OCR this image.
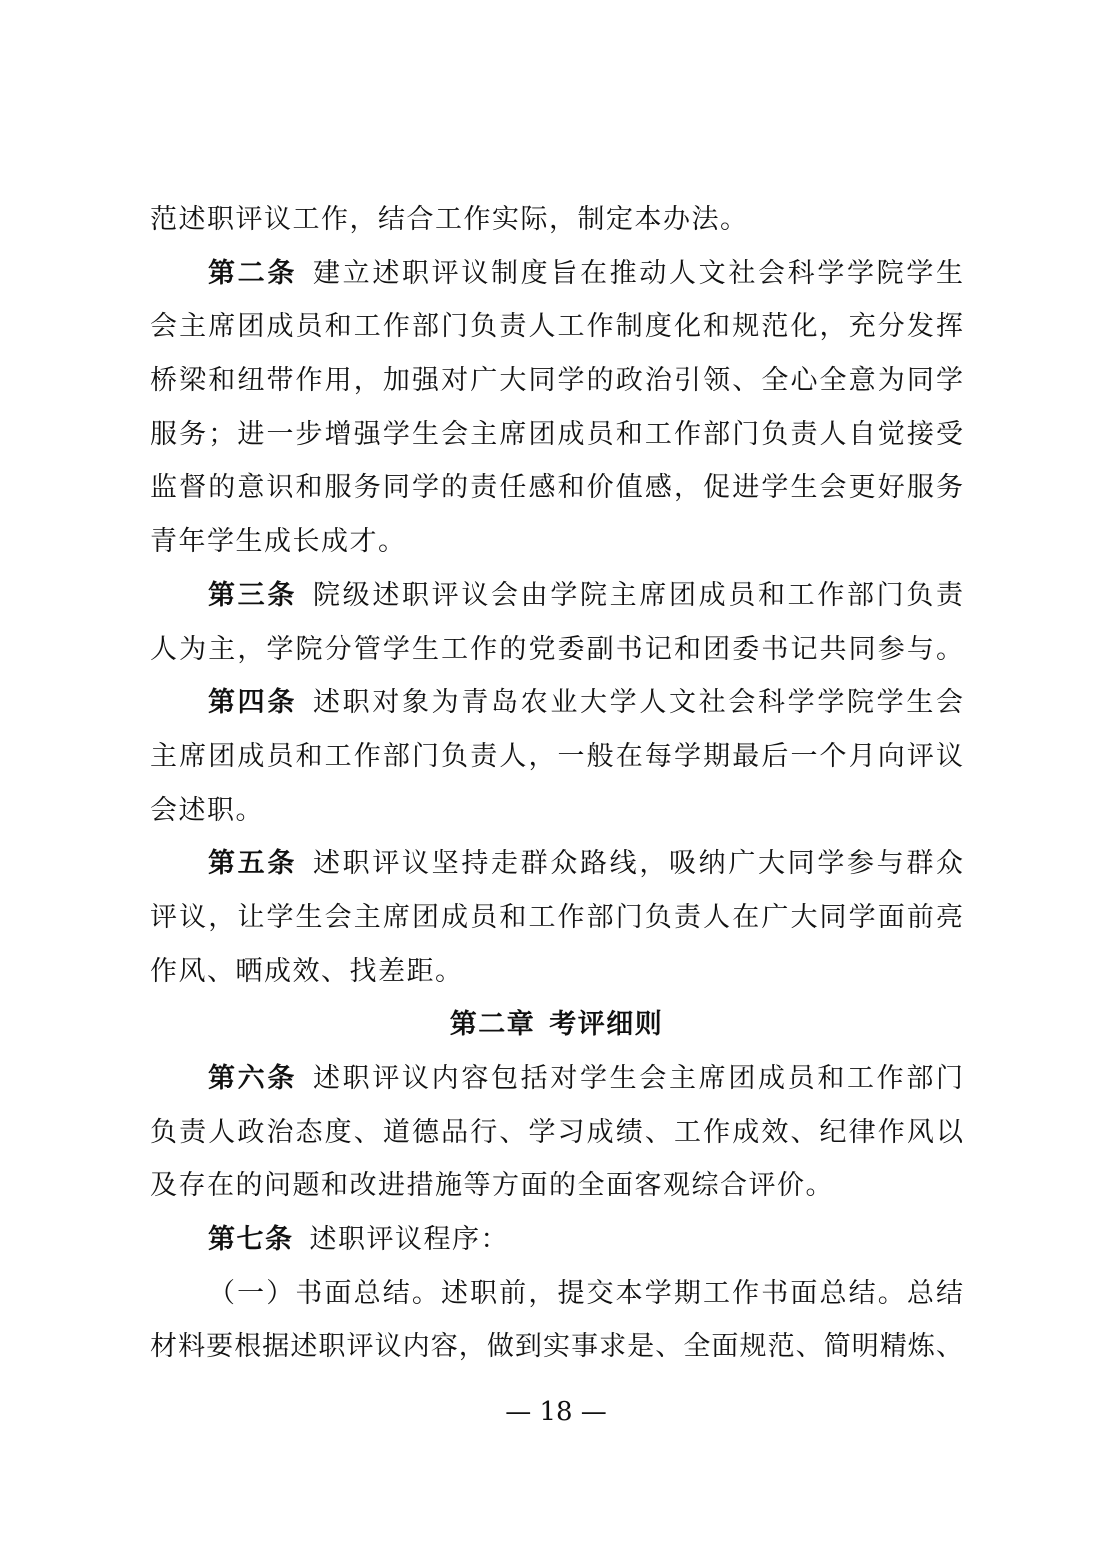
范述职评议工作，结合工作实际，制定本办法。
第二条 建立述职评议制度旨在推动人文社会科学学院学生
会主席团成员和工作部门负责人工作制度化和规范化，充分发挥
桥梁和纽带作用，加强对广大同学的政治引领、全心全意为同学
服务；进一步增强学生会主席团成员和工作部门负责人自觉接受
监督的意识和服务同学的责任感和价值感，促进学生会更好服务
青年学生成长成才。
第三条 院级述职评议会由学院主席团成员和工作部门负责
人为主，学院分管学生工作的党委副书记和团委书记共同参与。
第四条 述职对象为青岛农业大学人文社会科学学院学生会
主席团成员和工作部门负责人，一般在每学期最后一个月向评议
会述职。
第五条 述职评议坚持走群众路线，吸纳广大同学参与群众
评议，让学生会主席团成员和工作部门负责人在广大同学面前亮
作风、晒成效、找差距。
第二章 考评细则
第六条 述职评议内容包括对学生会主席团成员和工作部门
负责人政治态度、道德品行、学习成绩、工作成效、纪律作风以
及存在的问题和改进措施等方面的全面客观综合评价。
第七条 述职评议程序：
（一）书面总结。述职前，提交本学期工作书面总结。总结
材料要根据述职评议内容，做到实事求是、全面规范、简明精炼、
— 18 —
